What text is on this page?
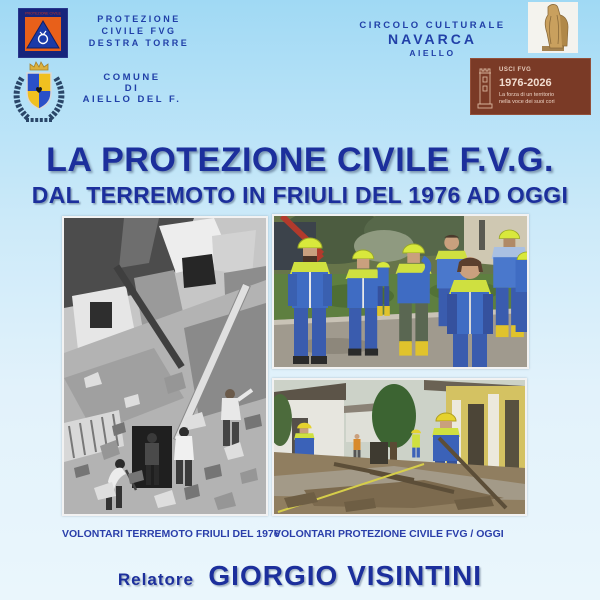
PROTEZIONE CIVILE
PROTEZIONE
CIVILE FVG
DESTRA TORRE
CIRCOLO CULTURALE
NAVARCA
AIELLO
COMUNE
DI
AIELLO DEL F.
USCI FVG
1976-2026
La forza di un territorio
nella voce dei suoi cori
LA PROTEZIONE CIVILE F.V.G.
DAL TERREMOTO IN FRIULI DEL 1976 AD OGGI
VOLONTARI TERREMOTO FRIULI DEL 1976
VOLONTARI PROTEZIONE CIVILE FVG / OGGI
Relatore GIORGIO VISINTINI
